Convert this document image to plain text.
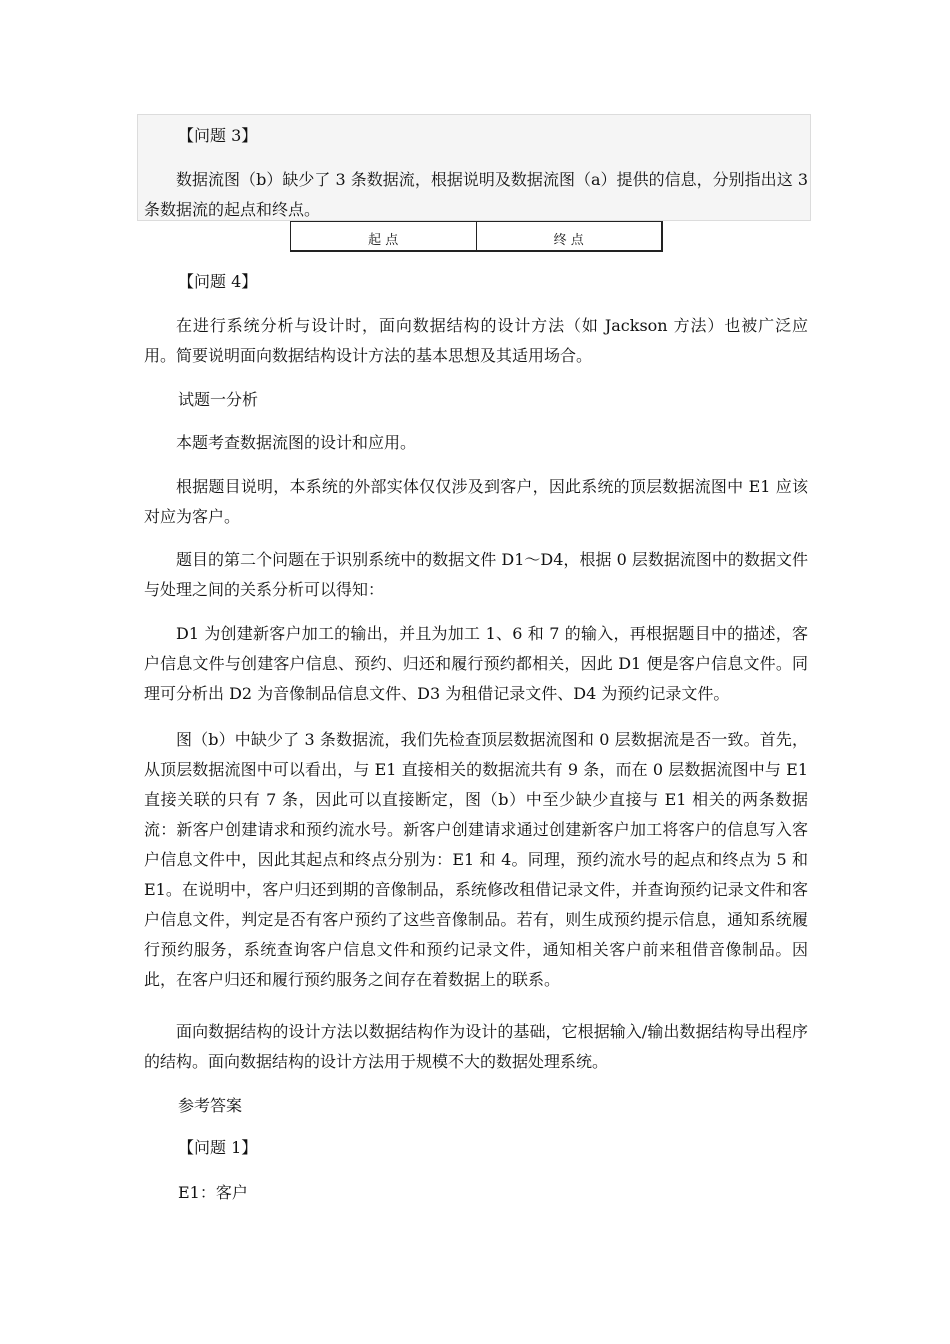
【问题 3】

数据流图（b）缺少了 3 条数据流，根据说明及数据流图（a）提供的信息，分别指出这 3 条数据流的起点和终点。

起 点	终 点

【问题 4】

在进行系统分析与设计时，面向数据结构的设计方法（如 Jackson 方法）也被广泛应用。简要说明面向数据结构设计方法的基本思想及其适用场合。

试题一分析

本题考查数据流图的设计和应用。

根据题目说明，本系统的外部实体仅仅涉及到客户，因此系统的顶层数据流图中 E1 应该对应为客户。

题目的第二个问题在于识别系统中的数据文件 D1～D4，根据 0 层数据流图中的数据文件与处理之间的关系分析可以得知：

D1 为创建新客户加工的输出，并且为加工 1、6 和 7 的输入，再根据题目中的描述，客户信息文件与创建客户信息、预约、归还和履行预约都相关，因此 D1 便是客户信息文件。同理可分析出 D2 为音像制品信息文件、D3 为租借记录文件、D4 为预约记录文件。

图（b）中缺少了 3 条数据流，我们先检查顶层数据流图和 0 层数据流是否一致。首先，从顶层数据流图中可以看出，与 E1 直接相关的数据流共有 9 条，而在 0 层数据流图中与 E1 直接关联的只有 7 条，因此可以直接断定，图（b）中至少缺少直接与 E1 相关的两条数据流：新客户创建请求和预约流水号。新客户创建请求通过创建新客户加工将客户的信息写入客户信息文件中，因此其起点和终点分别为：E1 和 4。同理，预约流水号的起点和终点为 5 和 E1。在说明中，客户归还到期的音像制品，系统修改租借记录文件，并查询预约记录文件和客户信息文件，判定是否有客户预约了这些音像制品。若有，则生成预约提示信息，通知系统履行预约服务，系统查询客户信息文件和预约记录文件，通知相关客户前来租借音像制品。因此，在客户归还和履行预约服务之间存在着数据上的联系。

面向数据结构的设计方法以数据结构作为设计的基础，它根据输入/输出数据结构导出程序的结构。面向数据结构的设计方法用于规模不大的数据处理系统。

参考答案

【问题 1】

E1：客户
